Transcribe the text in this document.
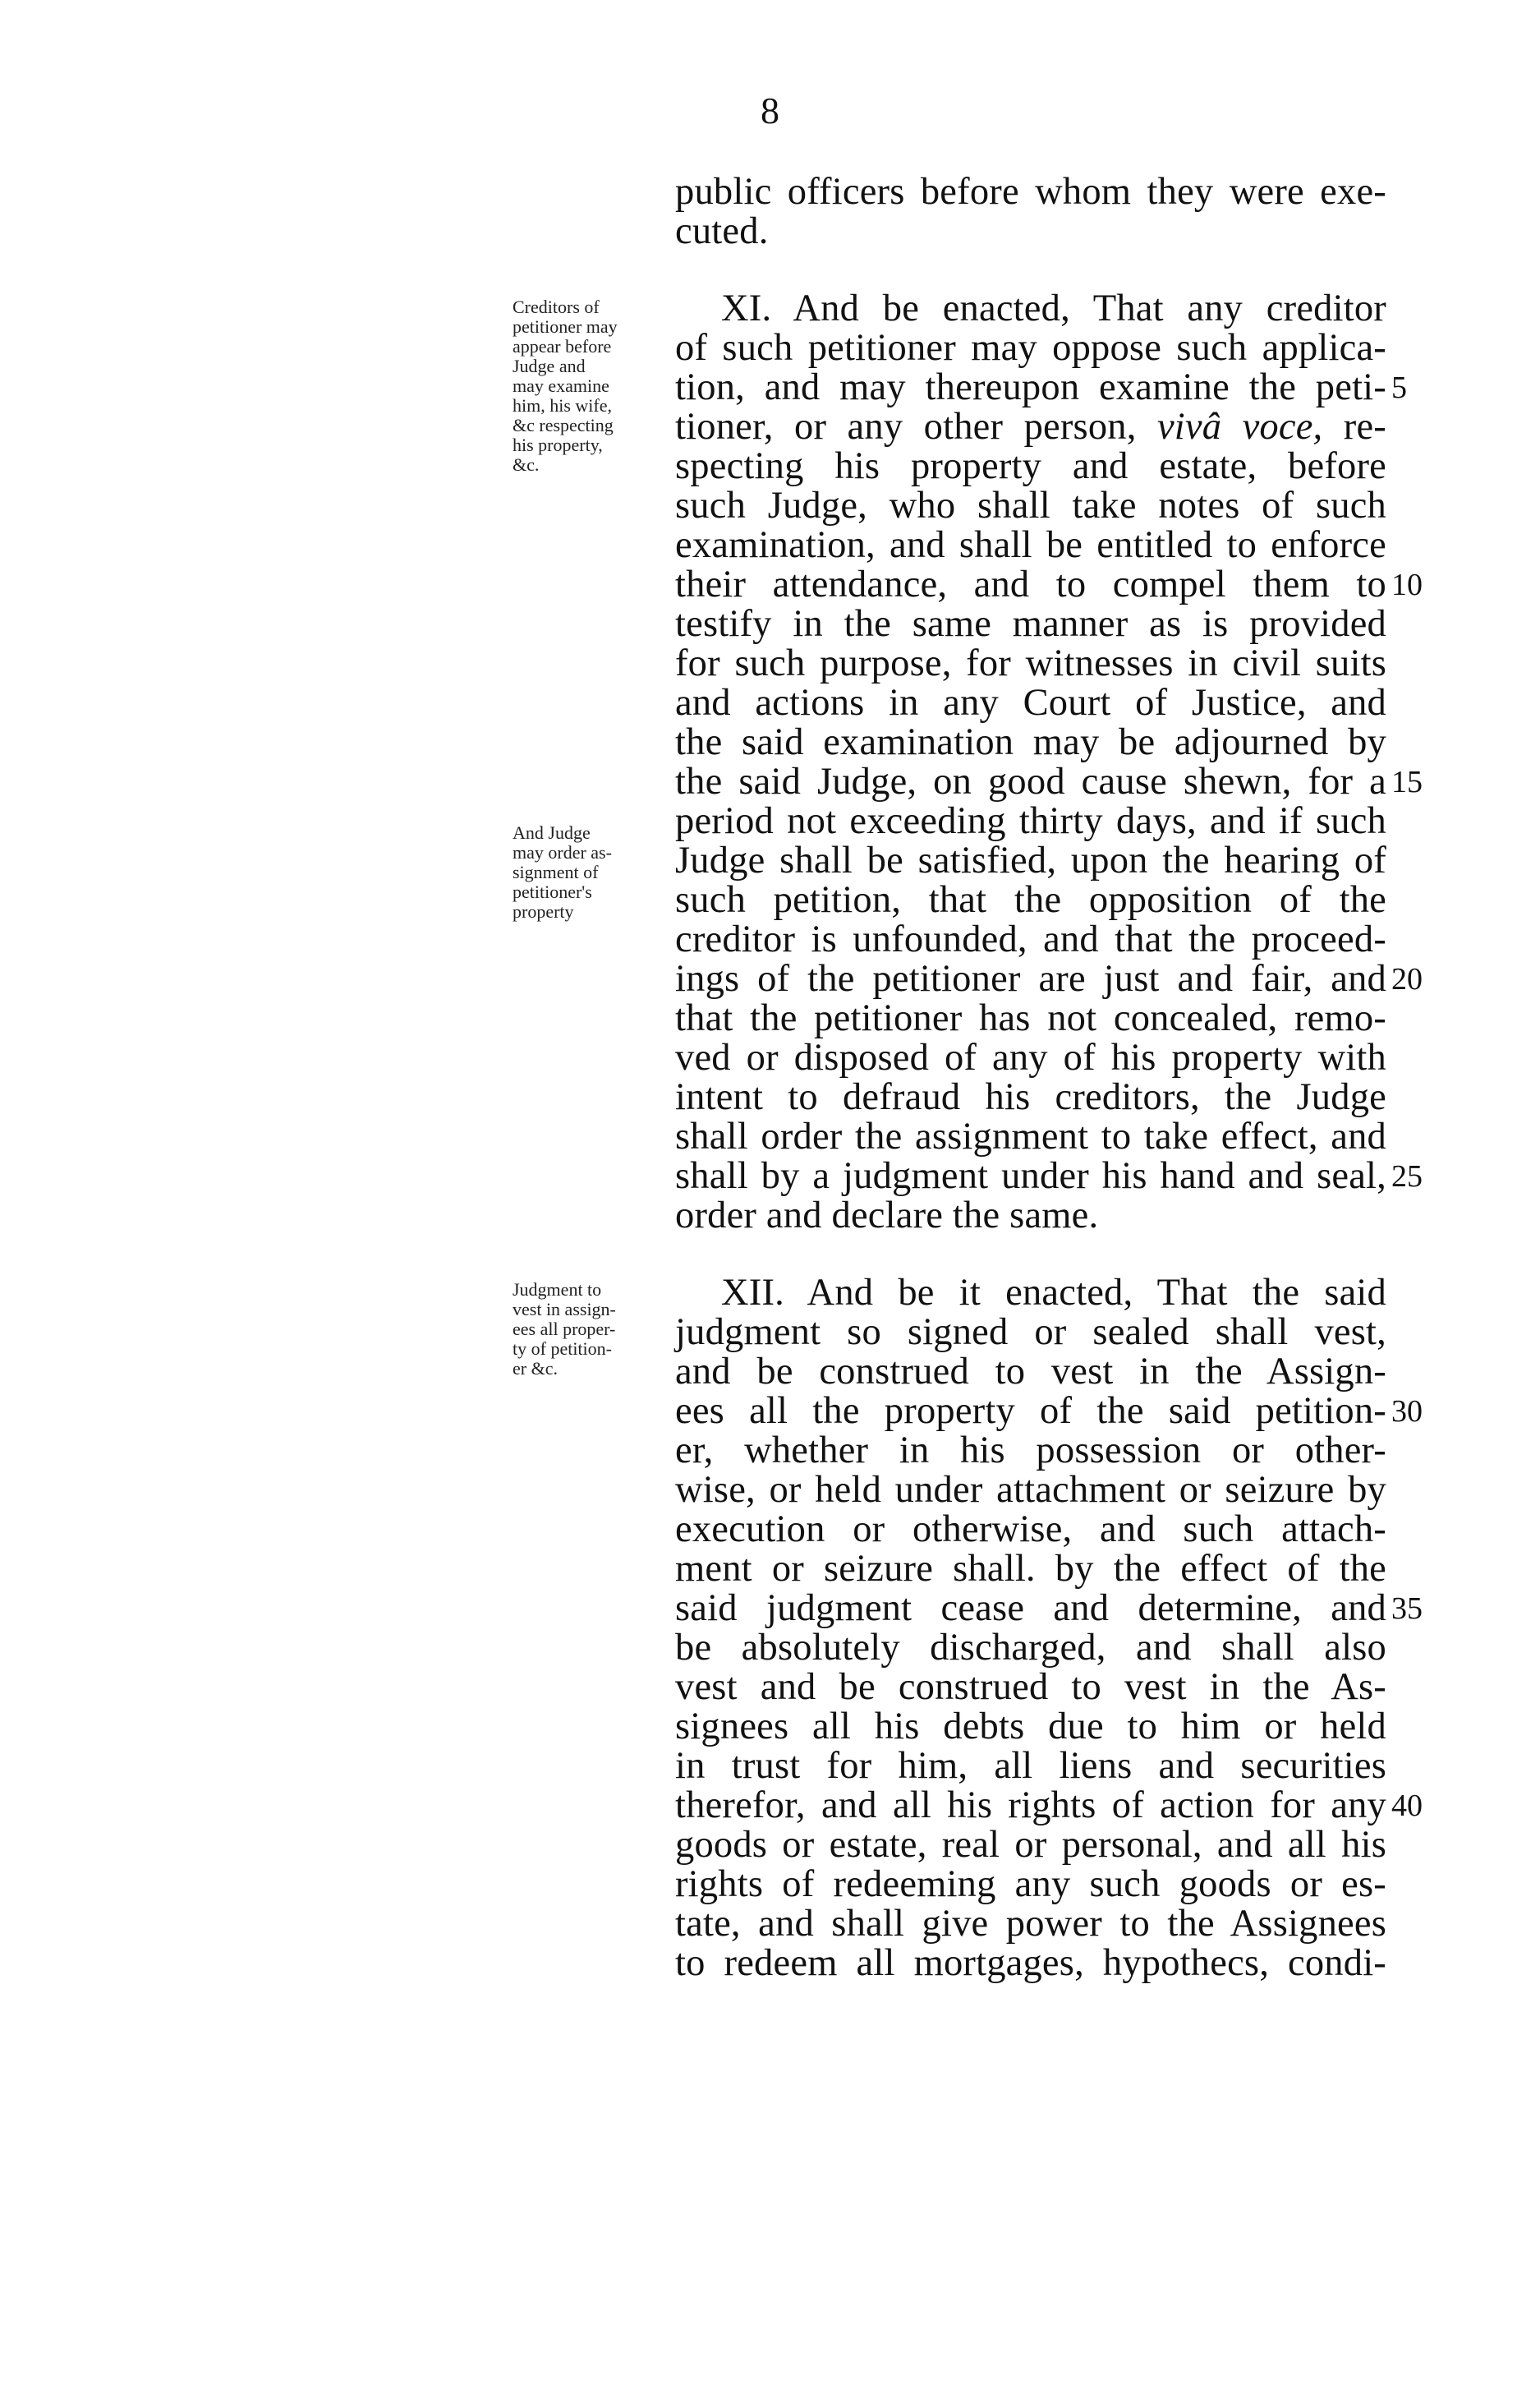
8
public officers before whom they were exe-
cuted.
XI. And be enacted, That any creditor
of such petitioner may oppose such applica-
tion, and may thereupon examine the peti-
tioner, or any other person, vivâ voce, re-
specting his property and estate, before
such Judge, who shall take notes of such
examination, and shall be entitled to enforce
their attendance, and to compel them to
testify in the same manner as is provided
for such purpose, for witnesses in civil suits
and actions in any Court of Justice, and
the said examination may be adjourned by
the said Judge, on good cause shewn, for a
period not exceeding thirty days, and if such
Judge shall be satisfied, upon the hearing of
such petition, that the opposition of the
creditor is unfounded, and that the proceed-
ings of the petitioner are just and fair, and
that the petitioner has not concealed, remo-
ved or disposed of any of his property with
intent to defraud his creditors, the Judge
shall order the assignment to take effect, and
shall by a judgment under his hand and seal,
order and declare the same.
XII. And be it enacted, That the said
judgment so signed or sealed shall vest,
and be construed to vest in the Assign-
ees all the property of the said petition-
er, whether in his possession or other-
wise, or held under attachment or seizure by
execution or otherwise, and such attach-
ment or seizure shall. by the effect of the
said judgment cease and determine, and
be absolutely discharged, and shall also
vest and be construed to vest in the As-
signees all his debts due to him or held
in trust for him, all liens and securities
therefor, and all his rights of action for any
goods or estate, real or personal, and all his
rights of redeeming any such goods or es-
tate, and shall give power to the Assignees
to redeem all mortgages, hypothecs, condi-
5
10
15
20
25
30
35
40
Creditors of
petitioner may
appear before
Judge and
may examine
him, his wife,
&c respecting
his property,
&c.
And Judge
may order as-
signment of
petitioner's
property
Judgment to
vest in assign-
ees all proper-
ty of petition-
er &c.
